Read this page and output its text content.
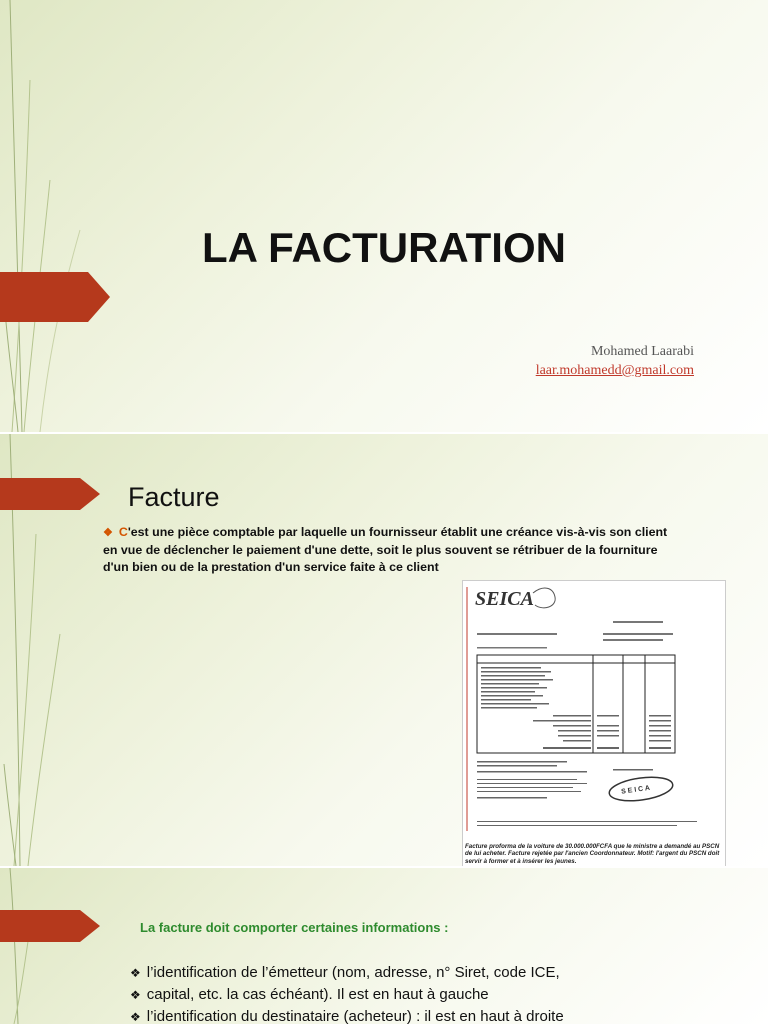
LA FACTURATION
Mohamed Laarabi
laar.mohamedd@gmail.com
Facture
❖ C'est une pièce comptable par laquelle un fournisseur établit une créance vis-à-vis son client en vue de déclencher le paiement d'une dette, soit le plus souvent se rétribuer de la fourniture d'un bien ou de la prestation d'un service faite à ce client
SEICA
S E I C A
Facture proforma de la voiture de 30.000.000FCFA que le ministre a demandé au PSCN de lui acheter. Facture rejetée par l'ancien Coordonnateur. Motif: l'argent du PSCN doit servir à former et à insérer les jeunes.
La facture doit comporter certaines informations :
❖ l’identification de l’émetteur (nom, adresse, n° Siret, code ICE,
❖ capital, etc. la cas échéant). Il est en haut à gauche
❖ l’identification du destinataire (acheteur) : il est en haut à droite
